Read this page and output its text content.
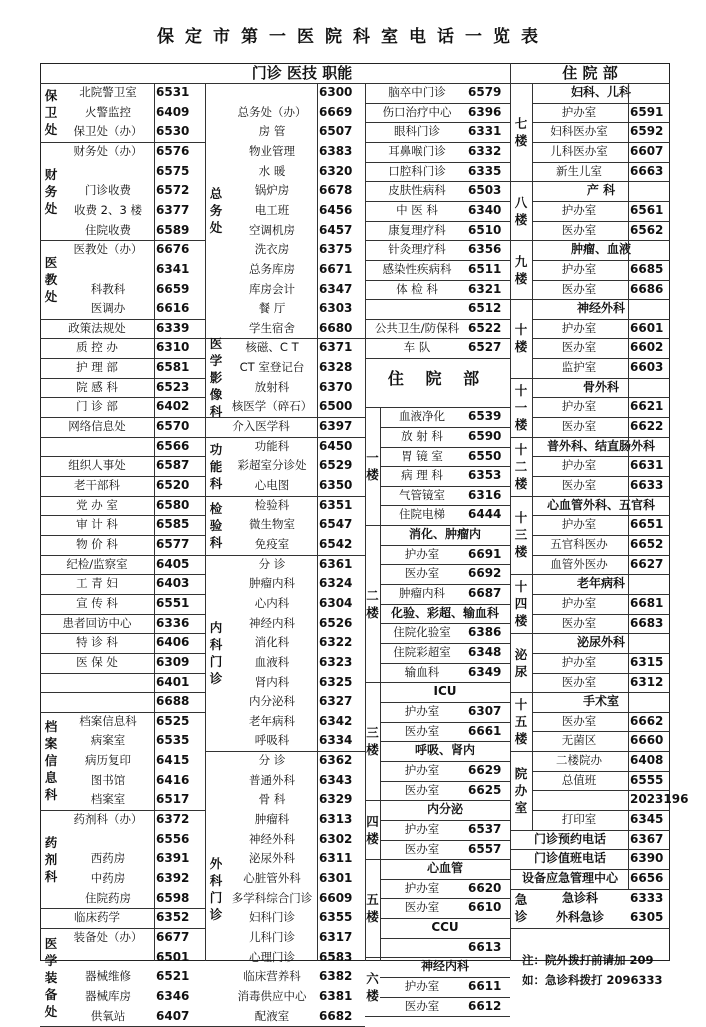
保定市第一医院科室电话一览表
门诊 医技 职能	住 院 部
保
卫
处
北院警卫室	6531
火警监控	6409
保卫处（办）	6530
财
务
处
财务处（办）	6576
6575
门诊收费	6572
收费 2、3 楼	6377
住院收费	6589
医
教
处
医教处（办）	6676
6341
科教科	6659
医调办	6616
政策法规处	6339
质 控 办	6310
护 理 部	6581
院 感 科	6523
门 诊 部	6402
网络信息处	6570
6566
组织人事处	6587
老干部科	6520
党 办 室	6580
审 计 科	6585
物 价 科	6577
纪检/监察室	6405
工 青 妇	6403
宣 传 科	6551
患者回访中心	6336
特 诊 科	6406
医 保 处	6309
6401
6688
档
案
信
息
科
档案信息科	6525
病案室	6535
病历复印	6415
图书馆	6416
档案室	6517
药
剂
科
药剂科（办）	6372
6556
西药房	6391
中药房	6392
住院药房	6598
临床药学	6352
医
学
装
备
处
装备处（办）	6677
6501
器械维修	6521
器械库房	6346
供氧站	6407
总
务
处
6300
总务处（办）	6669
房 管	6507
物业管理	6383
水 暖	6320
锅炉房	6678
电工班	6456
空调机房	6457
洗衣房	6375
总务库房	6671
库房会计	6347
餐 厅	6303
学生宿舍	6680
医
学
影
像
科
核磁、C T	6371
CT 室登记台	6328
放射科	6370
核医学（碎石） 6500
介入医学科	6397
功
能
科
功能科	6450
彩超室分诊处	6529
心电图	6350
检
验
科
检验科	6351
微生物室	6547
免疫室	6542
内
科
门
诊
分 诊	6361
肿瘤内科	6324
心内科	6304
神经内科	6526
消化科	6322
血液科	6323
肾内科	6325
内分泌科	6327
老年病科	6342
呼吸科	6334
外
科
门
诊
分 诊	6362
普通外科	6343
骨 科	6329
肿瘤科	6313
神经外科	6302
泌尿外科	6311
心脏管外科	6301
多学科综合门诊 6609
妇科门诊	6355
儿科门诊	6317
心理门诊	6583
临床营养科	6382
消毒供应中心	6381
配液室	6682
脑卒中门诊	6579
伤口治疗中心	6396
眼科门诊	6331
耳鼻喉门诊	6332
口腔科门诊	6335
皮肤性病科	6503
中 医 科	6340
康复理疗科	6510
针灸理疗科	6356
感染性疾病科	6511
体 检 科	6321
6512
公共卫生/防保科 6522
车 队	6527
住 院 部
血液净化	6539
放 射 科	6590
胃 镜 室	6550
病 理 科	6353
气管镜室	6316
住院电梯	6444
一
楼
消化、肿瘤内
护办室	6691
医办室	6692
肿瘤内科	6687
化验、彩超、输血科
住院化验室	6386
住院彩超室	6348
输血科	6349
二
楼
ICU
护办室	6307
医办室	6661
呼吸、肾内
护办室	6629
医办室	6625
三
楼
内分泌
护办室	6537
医办室	6557
四
楼
心血管
护办室	6620
医办室	6610
CCU
6613
五
楼
神经内科
护办室	6611
医办室	6612
六
楼
妇科、儿科
护办室	6591
妇科医办室	6592
儿科医办室	6607
新生儿室	6663
七
楼
产 科
护办室	6561
医办室	6562
八
楼
肿瘤、血液
护办室	6685
医办室	6686
九
楼
神经外科
护办室	6601
医办室	6602
监护室	6603
十
楼
骨外科
护办室	6621
医办室	6622
十
一
楼
普外科、结直肠外科
护办室	6631
医办室	6633
十
二
楼
心血管外科、五官科
护办室	6651
五官科医办	6652
血管外医办	6627
十
三
楼
老年病科
护办室	6681
医办室	6683
十
四
楼
泌尿外科
护办室	6315
医办室	6312
泌
尿
手术室
医办室	6662
无菌区	6660
十
五
楼
二楼院办	6408
总值班	6555
2023196
打印室	6345
院
办
室
门诊预约电话	6367
门诊值班电话	6390
设备应急管理中心	6656
急
诊
急诊科	6333
外科急诊	6305
注：院外拨打前请加 209
如：急诊科拨打 2096333
